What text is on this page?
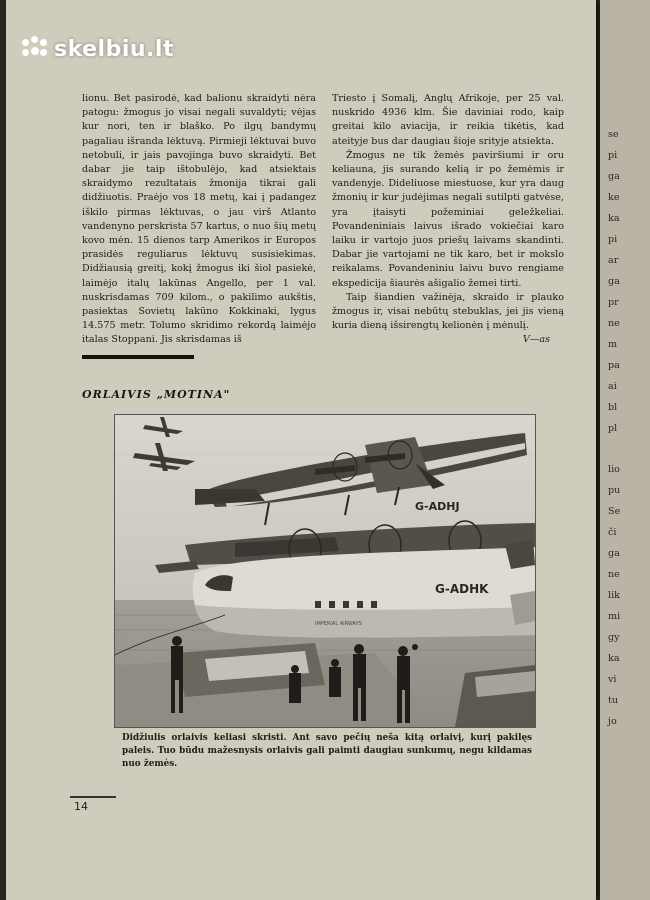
skelbiu.lt

lionu. Bet pasirodė, kad balionu skraidyti nėra patogu: žmogus jo visai negali suvaldyti; vėjas kur nori, ten ir blaško. Po ilgų bandymų pagaliau išranda lėktuvą. Pirmieji lėktuvai buvo netobuli, ir jais pavojinga buvo skraidyti. Bet dabar jie taip ištobulėjo, kad atsiektais skraidymo rezultatais žmonija tikrai gali didžiuotis. Praėjo vos 18 metų, kai į padangez iškilo pirmas lėktuvas, o jau virš Atlanto vandenyno perskrista 57 kartus, o nuo šių metų kovo mėn. 15 dienos tarp Amerikos ir Europos prasidės reguliarus lėktuvų susisiekimas. Didžiausią greitį, kokį žmogus iki šiol pasiekė, laimėjo italų lakūnas Angello, per 1 val. nuskrisdamas 709 kilom., o pakilimo aukštis, pasiektas Sovietų lakūno Kokkinaki, lygus 14.575 metr. Tolumo skridimo rekordą laimėjo italas Stoppani. Jis skrisdamas iš

Triesto į Somalį, Anglų Afrikoje, per 25 val. nuskrido 4936 klm. Šie daviniai rodo, kaip greitai kilo aviacija, ir reikia tikėtis, kad ateityje bus dar daugiau šioje srityje atsiekta.

Žmogus ne tik žemės paviršiumi ir oru keliauna, jis surando kelią ir po žemėmis ir vandenyje. Dideliuose miestuose, kur yra daug žmonių ir kur judėjimas negali sutilpti gatvėse, yra įtaisyti požeminiai geležkeliai. Povandeniniais laivus išrado vokiečiai karo laiku ir vartojo juos priešų laivams skandinti. Dabar jie vartojami ne tik karo, bet ir mokslo reikalams. Povandeniniu laivu buvo rengiame ekspedicija šiaurės ašigalio žemei tirti.

Taip šiandien važinėja, skraido ir plauko žmogus ir, visai nebūtų stebuklas, jei jis vieną kuria dieną išsirengtų kelionėn į mėnulį.

V—as

ORLAIVIS „MOTINA"
G-ADHJ
G-ADHK
IMPERIAL AIRWAYS

Didžiulis orlaivis keliasi skristi. Ant savo pečių neša kitą orlaivį, kurį pakilęs paleis. Tuo būdu mažesnysis orlaivis gali paimti daugiau sunkumų, negu kildamas nuo žemės.

14
se
pi
ga
ke
ka
pi
ar
ga
pr
ne
m
pa
ai
bl
pl
lio
pu
Se
či
ga
ne
lik
mi
gy
ka
vi
tu
jo
